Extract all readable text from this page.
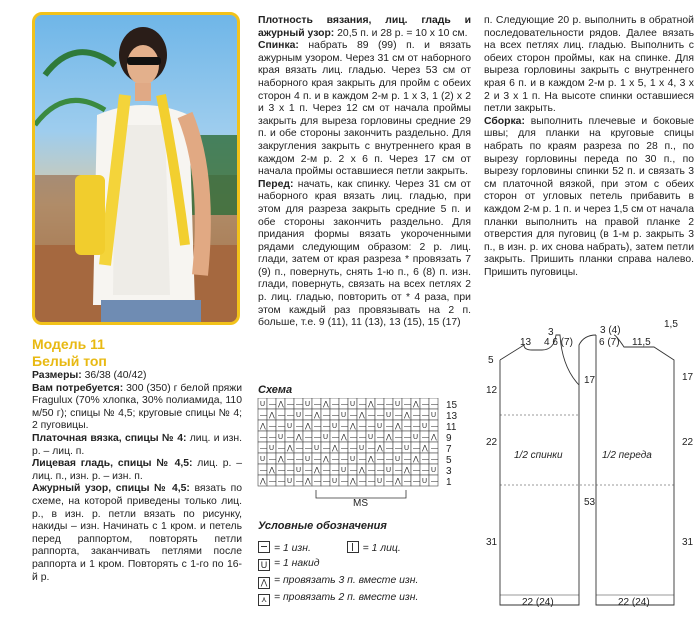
Модель 11
Белый топ

Размеры: 36/38 (40/42)

Вам потребуется: 300 (350) г белой пряжи Fragulux (70% хлопка, 30% полиамида, 110 м/50 г); спицы № 4,5; круговые спицы № 4; 2 пуговицы.

Платочная вязка, спицы № 4: лиц. и изн. р. – лиц. п.

Лицевая гладь, спицы № 4,5: лиц. р. – лиц. п., изн. р. – изн. п.

Ажурный узор, спицы № 4,5: вязать по схеме, на которой приведены только лиц. р., в изн. р. петли вязать по рисунку, накиды – изн. Начинать с 1 кром. и петель перед раппортом, повторять петли раппорта, заканчивать петлями после раппорта и 1 кром. Повторять с 1-го по 16-й р.

Плотность вязания, лиц. гладь и ажурный узор: 20,5 п. и 28 р. = 10 х 10 см.

Спинка: набрать 89 (99) п. и вязать ажурным узором. Через 31 см от наборного края вязать лиц. гладью. Через 53 см от наборного края закрыть для пройм с обеих сторон 4 п. и в каждом 2-м р. 1 х 3, 1 (2) х 2 и 3 х 1 п. Через 12 см от начала проймы закрыть для выреза горловины средние 29 п. и обе стороны закончить раздельно. Для закругления закрыть с внутреннего края в каждом 2-м р. 2 х 6 п. Через 17 см от начала проймы оставшиеся петли закрыть.

Перед: начать, как спинку. Через 31 см от наборного края вязать лиц. гладью, при этом для разреза закрыть средние 5 п. и обе стороны закончить раздельно. Для придания формы вязать укороченными рядами следующим образом: 2 р. лиц. глади, затем от края разреза * провязать 7 (9) п., повернуть, снять 1-ю п., 6 (8) п. изн. глади, повернуть, связать на всех петлях 2 р. лиц. гладью, повторить от * 4 раза, при этом каждый раз провязывать на 2 п. больше, т.е. 9 (11), 11 (13), 13 (15), 15 (17)

Схема
U — ⋀ — — U — ⋀ — — U — ⋀ — — U — ⋀ — —
— ⋀ — — U — ⋀ — — U — ⋀ — — U — ⋀ — — U
⋀ — — U — ⋀ — — U — ⋀ — — U — ⋀ — — U —
— — U — ⋀ — — U — ⋀ — — U — ⋀ — — U — ⋀
— U — ⋀ — — U — ⋀ — — U — ⋀ — — U — ⋀ —
U — ⋀ — — U — ⋀ — — U — ⋀ — — U — ⋀ — —
— ⋀ — — U — ⋀ — — U — ⋀ — — U — ⋀ — — U
⋀ — — U — ⋀ — — U — ⋀ — — U — ⋀ — — U —
15
13
11
9
7
5
3
1
MS
Условные обозначения
= 1 изн.	= 1 лиц.
U = 1 накид
⋀ = провязать 3 п. вместе изн.
⋏ = провязать 2 п. вместе изн.

п. Следующие 20 р. выполнить в обратной последовательности рядов. Далее вязать на всех петлях лиц. гладью. Выполнить с обеих сторон проймы, как на спинке. Для выреза горловины закрыть с внутреннего края 6 п. и в каждом 2-м р. 1 х 5, 1 х 4, 3 х 2 и 3 х 1 п. На высоте спинки оставшиеся петли закрыть.

Сборка: выполнить плечевые и боковые швы; для планки на круговые спицы набрать по краям разреза по 28 п., по вырезу горловины переда по 30 п., по вырезу горловины спинки 52 п. и связать 3 см платочной вязкой, при этом с обеих сторон от угловых петель прибавить в каждом 2-м р. 1 п. и через 1,5 см от начала планки выполнить на правой планке 2 отверстия для пуговиц (в 1-м р. закрыть 3 п., в изн. р. их снова набрать), затем петли закрыть. Пришить планки справа налево. Пришить пуговицы.

1/2 спинки	1/2 переда
13
3
4 6 (7)
3 (4)
6 (7) 11,5
1,5
5
12
22
31
17
53
17
22
31
22 (24)	22 (24)
